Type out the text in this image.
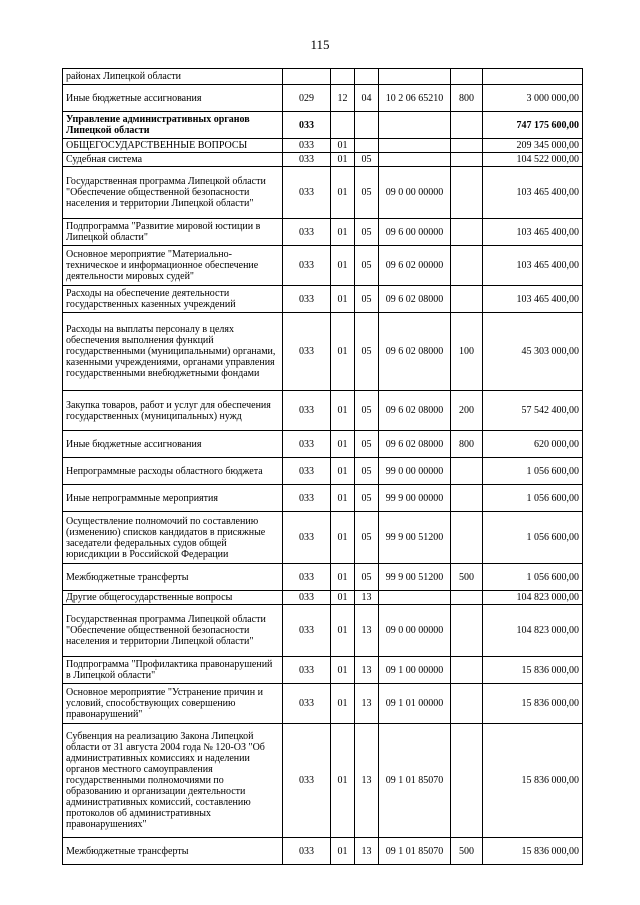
115
районах Липецкой области						
Иные бюджетные ассигнования	029	12	04	10 2 06 65210	800	3 000 000,00
Управление административных органов Липецкой области	033					747 175 600,00
ОБЩЕГОСУДАРСТВЕННЫЕ ВОПРОСЫ	033	01				209 345 000,00
Судебная система	033	01	05			104 522 000,00
Государственная программа Липецкой области "Обеспечение общественной безопасности населения и территории Липецкой области"	033	01	05	09 0 00 00000		103 465 400,00
Подпрограмма "Развитие мировой юстиции в Липецкой области"	033	01	05	09 6 00 00000		103 465 400,00
Основное мероприятие "Материально-техническое и информационное обеспечение деятельности мировых судей"	033	01	05	09 6 02 00000		103 465 400,00
Расходы на обеспечение деятельности государственных казенных учреждений	033	01	05	09 6 02 08000		103 465 400,00
Расходы на выплаты персоналу в целях обеспечения выполнения функций государственными (муниципальными) органами, казенными учреждениями, органами управления государственными внебюджетными фондами	033	01	05	09 6 02 08000	100	45 303 000,00
Закупка товаров, работ и услуг для обеспечения государственных (муниципальных) нужд	033	01	05	09 6 02 08000	200	57 542 400,00
Иные бюджетные ассигнования	033	01	05	09 6 02 08000	800	620 000,00
Непрограммные расходы областного бюджета	033	01	05	99 0 00 00000		1 056 600,00
Иные непрограммные мероприятия	033	01	05	99 9 00 00000		1 056 600,00
Осуществление полномочий по составлению (изменению) списков кандидатов в присяжные заседатели федеральных судов общей юрисдикции в Российской Федерации	033	01	05	99 9 00 51200		1 056 600,00
Межбюджетные трансферты	033	01	05	99 9 00 51200	500	1 056 600,00
Другие общегосударственные вопросы	033	01	13			104 823 000,00
Государственная программа Липецкой области "Обеспечение общественной безопасности населения и территории Липецкой области"	033	01	13	09 0 00 00000		104 823 000,00
Подпрограмма "Профилактика правонарушений в Липецкой области"	033	01	13	09 1 00 00000		15 836 000,00
Основное мероприятие "Устранение причин и условий, способствующих совершению правонарушений"	033	01	13	09 1 01 00000		15 836 000,00
Субвенция на реализацию Закона Липецкой области от 31 августа 2004 года № 120-ОЗ "Об административных комиссиях и наделении органов местного самоуправления государственными полномочиями по образованию и организации деятельности административных комиссий, составлению протоколов об административных правонарушениях"	033	01	13	09 1 01 85070		15 836 000,00
Межбюджетные трансферты	033	01	13	09 1 01 85070	500	15 836 000,00
